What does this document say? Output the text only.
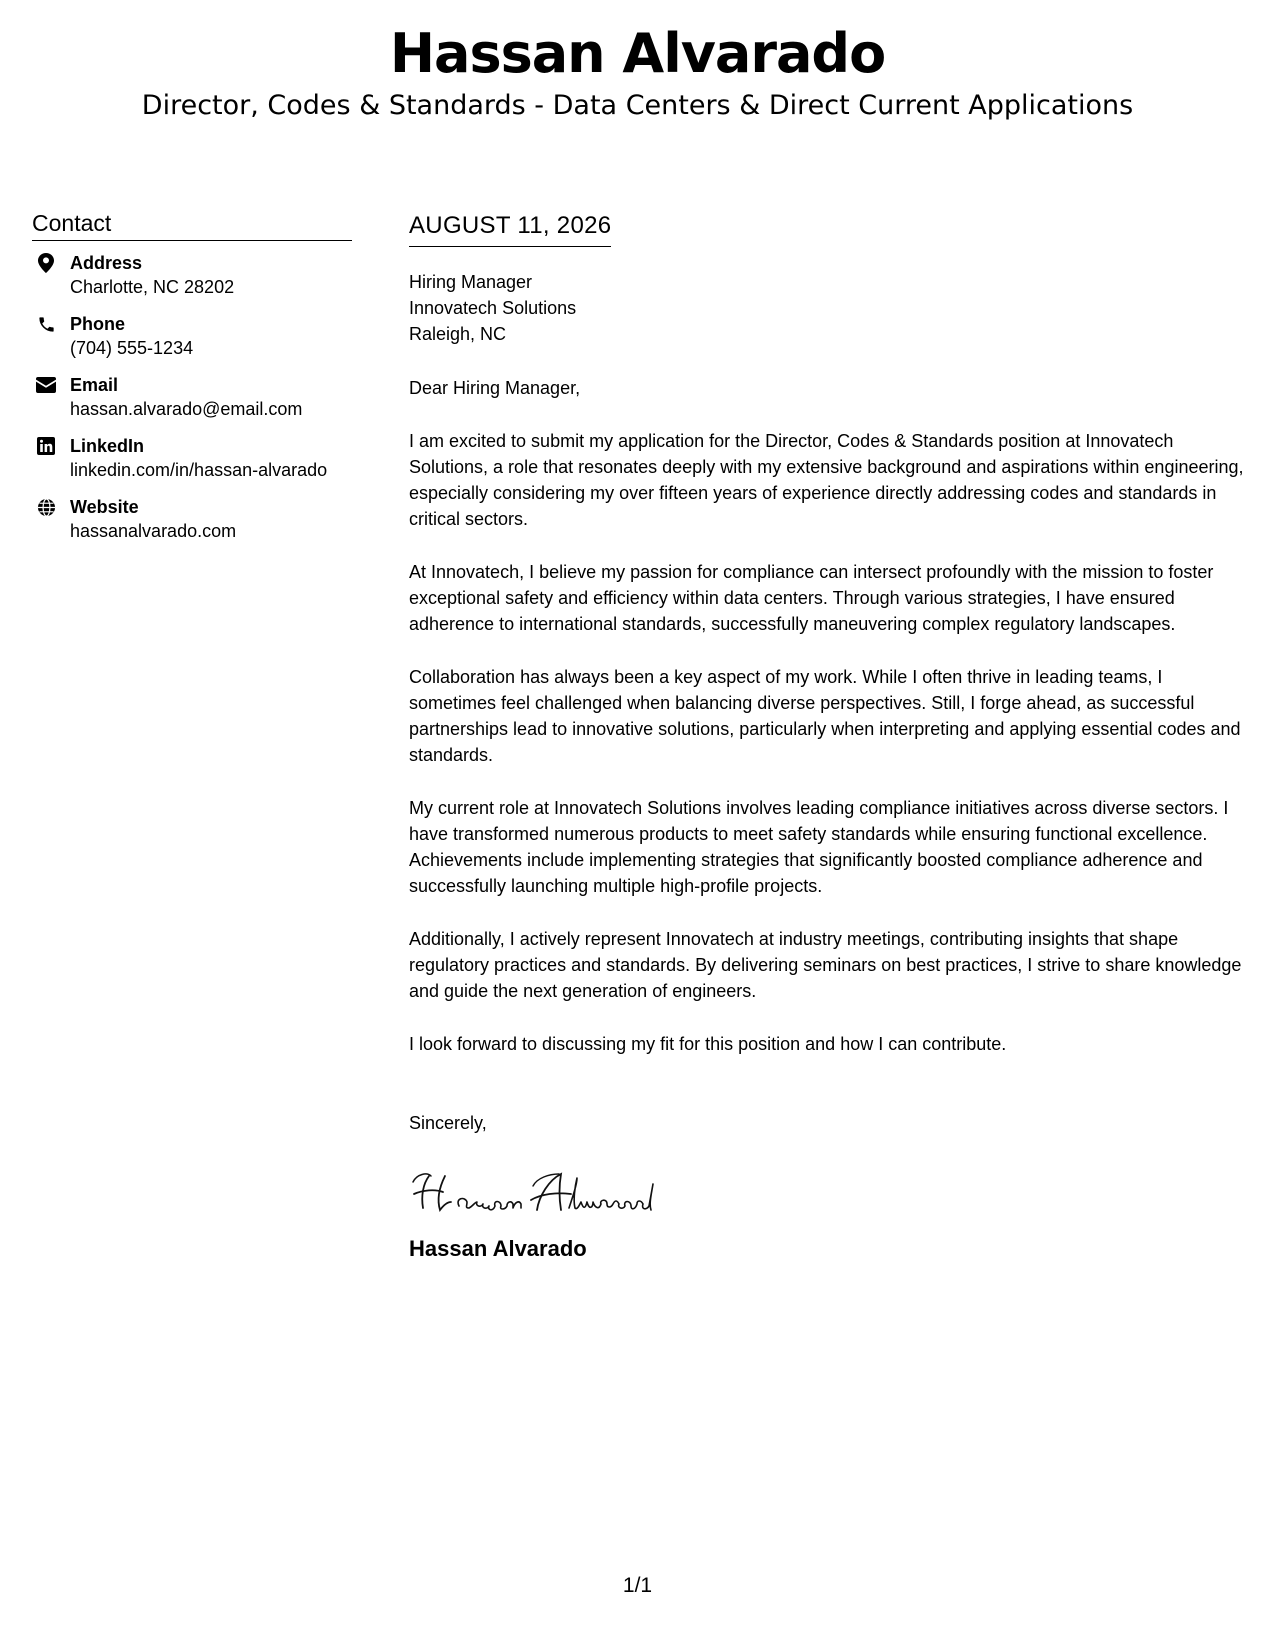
Hassan Alvarado
Director, Codes & Standards - Data Centers & Direct Current Applications
Contact
Address
Charlotte, NC 28202
Phone
(704) 555-1234
Email
hassan.alvarado@email.com
LinkedIn
linkedin.com/in/hassan-alvarado
Website
hassanalvarado.com
AUGUST 11, 2026
Hiring Manager
Innovatech Solutions
Raleigh, NC
Dear Hiring Manager,

I am excited to submit my application for the Director, Codes & Standards position at Innovatech Solutions, a role that resonates deeply with my extensive background and aspirations within engineering, especially considering my over fifteen years of experience directly addressing codes and standards in critical sectors.

At Innovatech, I believe my passion for compliance can intersect profoundly with the mission to foster exceptional safety and efficiency within data centers. Through various strategies, I have ensured adherence to international standards, successfully maneuvering complex regulatory landscapes.

Collaboration has always been a key aspect of my work. While I often thrive in leading teams, I sometimes feel challenged when balancing diverse perspectives. Still, I forge ahead, as successful partnerships lead to innovative solutions, particularly when interpreting and applying essential codes and standards.

My current role at Innovatech Solutions involves leading compliance initiatives across diverse sectors. I have transformed numerous products to meet safety standards while ensuring functional excellence. Achievements include implementing strategies that significantly boosted compliance adherence and successfully launching multiple high-profile projects.

Additionally, I actively represent Innovatech at industry meetings, contributing insights that shape regulatory practices and standards. By delivering seminars on best practices, I strive to share knowledge and guide the next generation of engineers.

I look forward to discussing my fit for this position and how I can contribute.

Sincerely,
Hassan Alvarado
1/1
